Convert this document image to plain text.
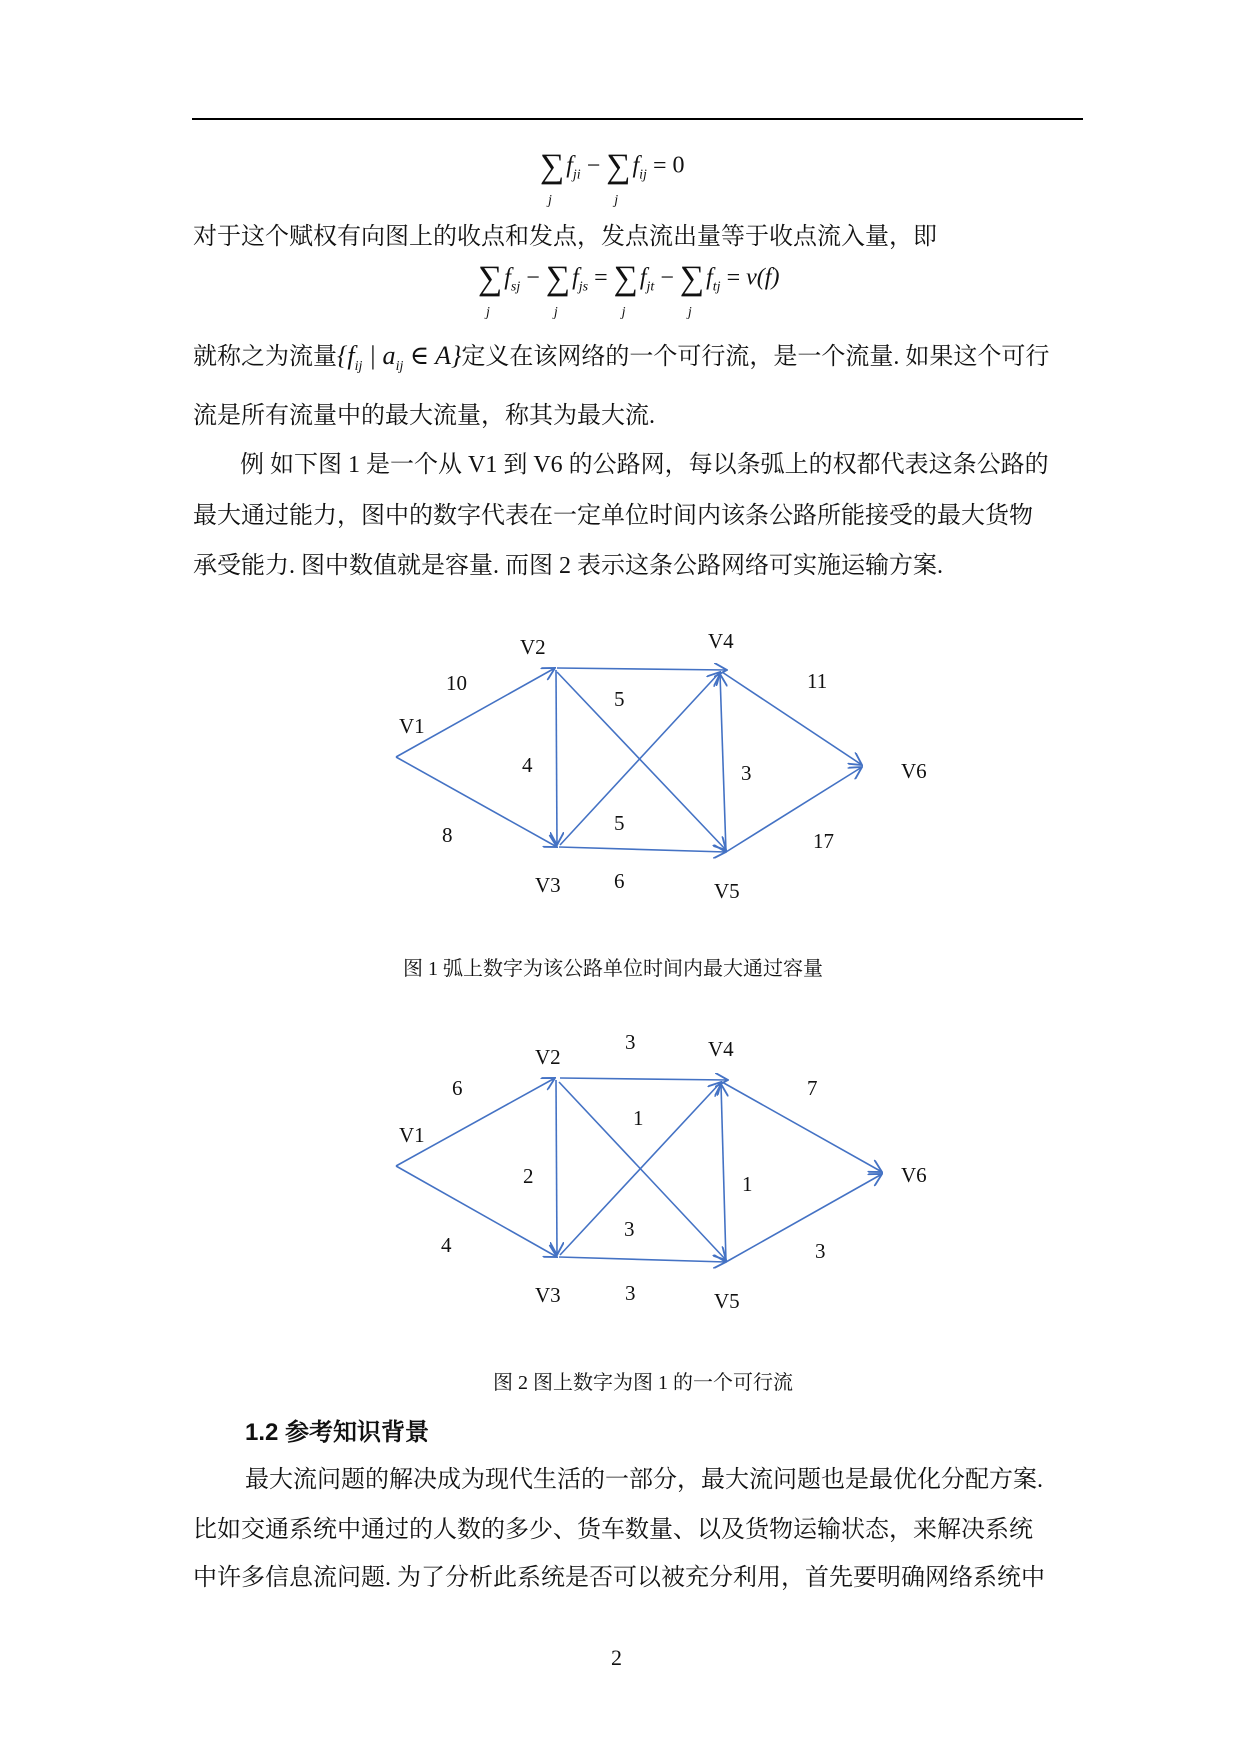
∑
j
$f_{ji}$ − ∑
j
$f_{ij} = 0$
对于这个赋权有向图上的收点和发点，发点流出量等于收点流入量，即
∑
j
$f_{sj}$ − ∑
j
$f_{js}$ = ∑
j
$f_{jt}$ − ∑
j
$f_{tj} = v(f)$
就称之为流量{$f_{ij}$ | $a_{ij}$ ∈ A}定义在该网络的一个可行流，是一个流量. 如果这个可行
流是所有流量中的最大流量，称其为最大流.
例 如下图 1 是一个从 V1 到 V6 的公路网，每以条弧上的权都代表这条公路的
最大通过能力，图中的数字代表在一定单位时间内该条公路所能接受的最大货物
承受能力. 图中数值就是容量. 而图 2 表示这条公路网络可实施运输方案.
V1
V2
V3
V4
V5
V6
10
8
4
5
5
6
3
11
17
图 1 弧上数字为该公路单位时间内最大通过容量
V1
V2
V3
V4
V5
V6
6
4
2
3
1
3
3
1
7
3
图 2 图上数字为图 1 的一个可行流
1.2 参考知识背景
最大流问题的解决成为现代生活的一部分，最大流问题也是最优化分配方案.
比如交通系统中通过的人数的多少、货车数量、以及货物运输状态，来解决系统
中许多信息流问题. 为了分析此系统是否可以被充分利用，首先要明确网络系统中
2
